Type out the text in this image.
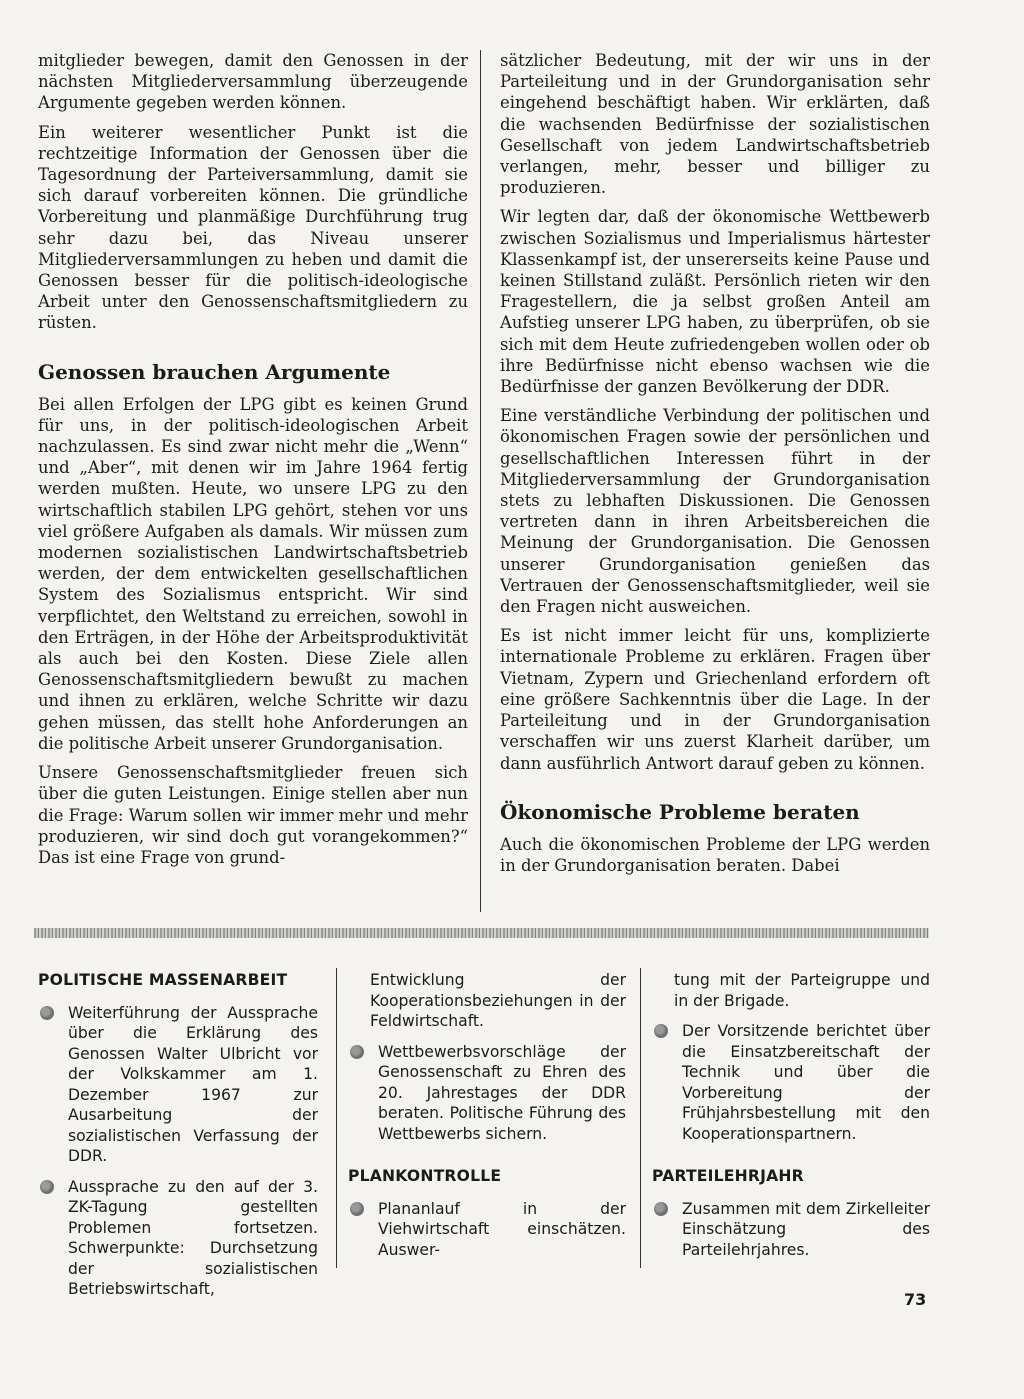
mitglieder bewegen, damit den Genossen in der nächsten Mitgliederversammlung überzeugende Argumente gegeben werden können.

Ein weiterer wesentlicher Punkt ist die rechtzeitige Information der Genossen über die Tagesordnung der Parteiversammlung, damit sie sich darauf vorbereiten können. Die gründliche Vorbereitung und planmäßige Durchführung trug sehr dazu bei, das Niveau unserer Mitgliederversammlungen zu heben und damit die Genossen besser für die politisch-ideologische Arbeit unter den Genossenschaftsmitgliedern zu rüsten.

Genossen brauchen Argumente

Bei allen Erfolgen der LPG gibt es keinen Grund für uns, in der politisch-ideologischen Arbeit nachzulassen. Es sind zwar nicht mehr die „Wenn“ und „Aber“, mit denen wir im Jahre 1964 fertig werden mußten. Heute, wo unsere LPG zu den wirtschaftlich stabilen LPG gehört, stehen vor uns viel größere Aufgaben als damals. Wir müssen zum modernen sozialistischen Landwirtschaftsbetrieb werden, der dem entwickelten gesellschaftlichen System des Sozialismus entspricht. Wir sind verpflichtet, den Weltstand zu erreichen, sowohl in den Erträgen, in der Höhe der Arbeitsproduktivität als auch bei den Kosten. Diese Ziele allen Genossenschaftsmitgliedern bewußt zu machen und ihnen zu erklären, welche Schritte wir dazu gehen müssen, das stellt hohe Anforderungen an die politische Arbeit unserer Grundorganisation.

Unsere Genossenschaftsmitglieder freuen sich über die guten Leistungen. Einige stellen aber nun die Frage: Warum sollen wir immer mehr und mehr produzieren, wir sind doch gut vorangekommen?“ Das ist eine Frage von grund-

sätzlicher Bedeutung, mit der wir uns in der Parteileitung und in der Grundorganisation sehr eingehend beschäftigt haben. Wir erklärten, daß die wachsenden Bedürfnisse der sozialistischen Gesellschaft von jedem Landwirtschaftsbetrieb verlangen, mehr, besser und billiger zu produzieren.

Wir legten dar, daß der ökonomische Wettbewerb zwischen Sozialismus und Imperialismus härtester Klassenkampf ist, der unsererseits keine Pause und keinen Stillstand zuläßt. Persönlich rieten wir den Fragestellern, die ja selbst großen Anteil am Aufstieg unserer LPG haben, zu überprüfen, ob sie sich mit dem Heute zufriedengeben wollen oder ob ihre Bedürfnisse nicht ebenso wachsen wie die Bedürfnisse der ganzen Bevölkerung der DDR.

Eine verständliche Verbindung der politischen und ökonomischen Fragen sowie der persönlichen und gesellschaftlichen Interessen führt in der Mitgliederversammlung der Grundorganisation stets zu lebhaften Diskussionen. Die Genossen vertreten dann in ihren Arbeitsbereichen die Meinung der Grundorganisation. Die Genossen unserer Grundorganisation genießen das Vertrauen der Genossenschaftsmitglieder, weil sie den Fragen nicht ausweichen.

Es ist nicht immer leicht für uns, komplizierte internationale Probleme zu erklären. Fragen über Vietnam, Zypern und Griechenland erfordern oft eine größere Sachkenntnis über die Lage. In der Parteileitung und in der Grundorganisation verschaffen wir uns zuerst Klarheit darüber, um dann ausführlich Antwort darauf geben zu können.

Ökonomische Probleme beraten

Auch die ökonomischen Probleme der LPG werden in der Grundorganisation beraten. Dabei

POLITISCHE MASSENARBEIT
Weiterführung der Aussprache über die Erklärung des Genossen Walter Ulbricht vor der Volkskammer am 1. Dezember 1967 zur Ausarbeitung der sozialistischen Verfassung der DDR.
Aussprache zu den auf der 3. ZK-Tagung gestellten Problemen fortsetzen. Schwerpunkte: Durchsetzung der sozialistischen Betriebswirtschaft,
Entwicklung der Kooperationsbeziehungen in der Feldwirtschaft.
Wettbewerbsvorschläge der Genossenschaft zu Ehren des 20. Jahrestages der DDR beraten. Politische Führung des Wettbewerbs sichern.
PLANKONTROLLE
Plananlauf in der Viehwirtschaft einschätzen. Auswer-
tung mit der Parteigruppe und in der Brigade.
Der Vorsitzende berichtet über die Einsatzbereitschaft der Technik und über die Vorbereitung der Frühjahrsbestellung mit den Kooperationspartnern.
PARTEILEHRJAHR
Zusammen mit dem Zirkelleiter Einschätzung des Parteilehrjahres.
73
